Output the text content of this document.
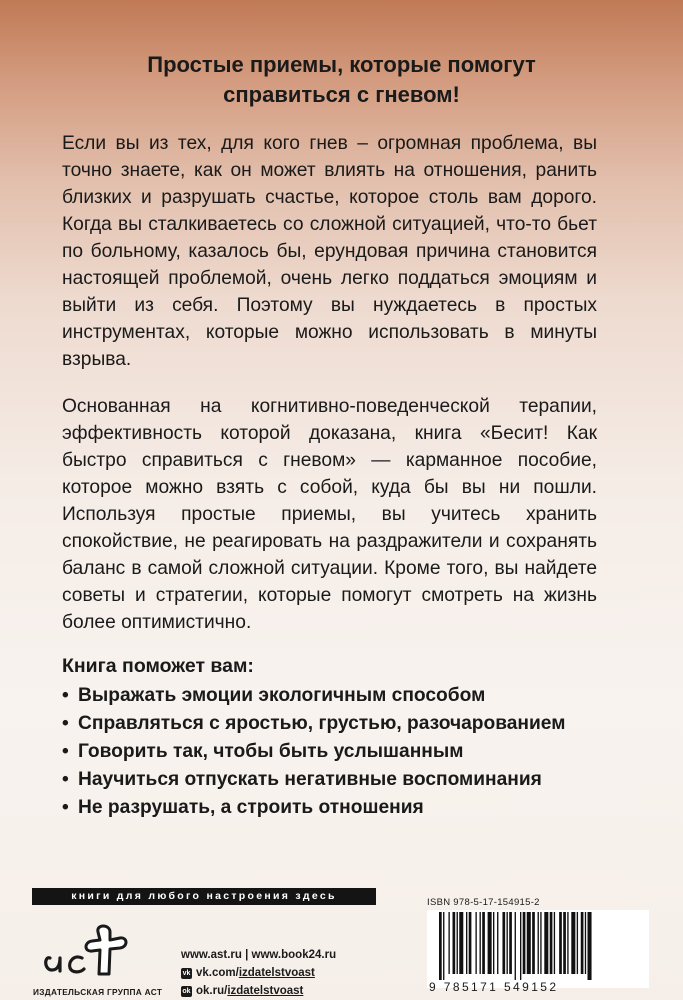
Простые приемы, которые помогут
справиться с гневом!

Если вы из тех, для кого гнев – огромная проблема, вы точно знаете, как он может влиять на отношения, ранить близких и разрушать счастье, которое столь вам дорого. Когда вы сталкиваетесь со сложной ситуацией, что-то бьет по больному, казалось бы, ерундовая причина становится настоящей проблемой, очень легко поддаться эмоциям и выйти из себя. Поэтому вы нуждаетесь в простых инструментах, которые можно использовать в минуты взрыва.

Основанная на когнитивно-поведенческой терапии, эффективность которой доказана, книга «Бесит! Как быстро справиться с гневом» — карманное пособие, которое можно взять с собой, куда бы вы ни пошли. Используя простые приемы, вы учитесь хранить спокойствие, не реагировать на раздражители и сохранять баланс в самой сложной ситуации. Кроме того, вы найдете советы и стратегии, которые помогут смотреть на жизнь более оптимистично.

Книга поможет вам:
• Выражать эмоции экологичным способом
• Справляться с яростью, грустью, разочарованием
• Говорить так, чтобы быть услышанным
• Научиться отпускать негативные воспоминания
• Не разрушать, а строить отношения
книги для любого настроения здесь
ИЗДАТЕЛЬСКАЯ ГРУППА АСТ
www.ast.ru | www.book24.ru
vk vk.com/ izdatelstvoast
ok ok.ru/ izdatelstvoast
ISBN 978-5-17-154915-2
9 785171 549152
